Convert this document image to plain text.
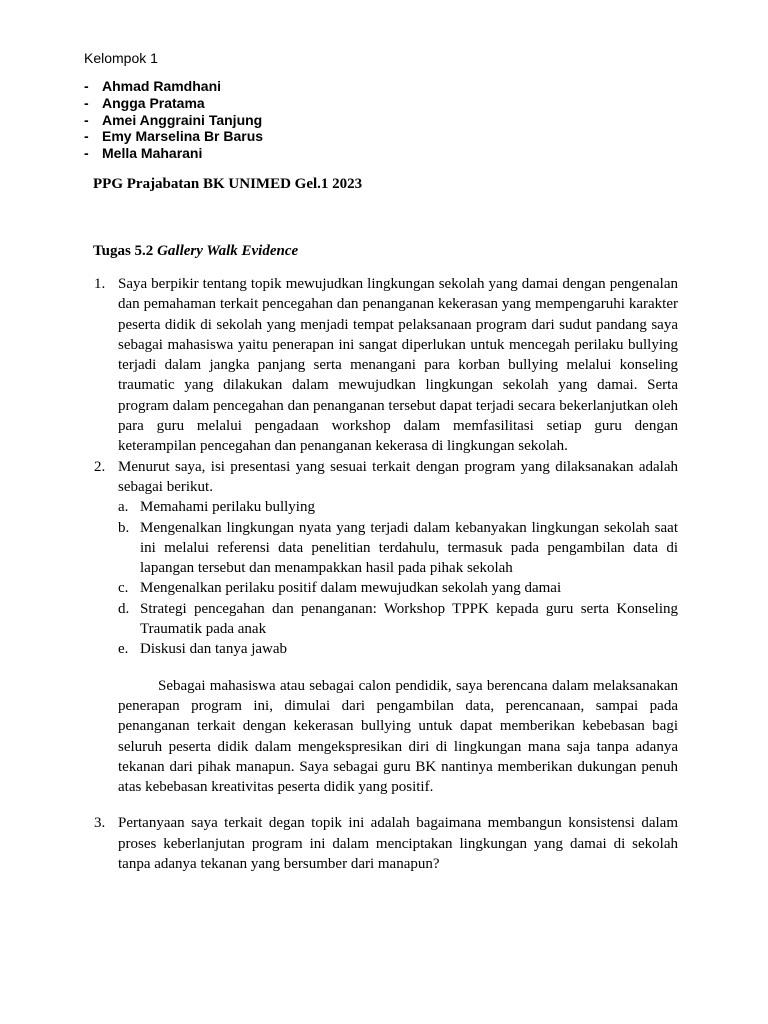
Kelompok 1
- Ahmad Ramdhani
- Angga Pratama
- Amei Anggraini Tanjung
- Emy Marselina Br Barus
- Mella Maharani
PPG Prajabatan BK UNIMED Gel.1 2023
Tugas 5.2 Gallery Walk Evidence
1. Saya berpikir tentang topik mewujudkan lingkungan sekolah yang damai dengan pengenalan dan pemahaman terkait pencegahan dan penanganan kekerasan yang mempengaruhi karakter peserta didik di sekolah yang menjadi tempat pelaksanaan program dari sudut pandang saya sebagai mahasiswa yaitu penerapan ini sangat diperlukan untuk mencegah perilaku bullying terjadi dalam jangka panjang serta menangani para korban bullying melalui konseling traumatic yang dilakukan dalam mewujudkan lingkungan sekolah yang damai. Serta program dalam pencegahan dan penanganan tersebut dapat terjadi secara bekerlanjutkan oleh para guru melalui pengadaan workshop dalam memfasilitasi setiap guru dengan keterampilan pencegahan dan penanganan kekerasa di lingkungan sekolah.
2. Menurut saya, isi presentasi yang sesuai terkait dengan program yang dilaksanakan adalah sebagai berikut.
a. Memahami perilaku bullying
b. Mengenalkan lingkungan nyata yang terjadi dalam kebanyakan lingkungan sekolah saat ini melalui referensi data penelitian terdahulu, termasuk pada pengambilan data di lapangan tersebut dan menampakkan hasil pada pihak sekolah
c. Mengenalkan perilaku positif dalam mewujudkan sekolah yang damai
d. Strategi pencegahan dan penanganan: Workshop TPPK kepada guru serta Konseling Traumatik pada anak
e. Diskusi dan tanya jawab
Sebagai mahasiswa atau sebagai calon pendidik, saya berencana dalam melaksanakan penerapan program ini, dimulai dari pengambilan data, perencanaan, sampai pada penanganan terkait dengan kekerasan bullying untuk dapat memberikan kebebasan bagi seluruh peserta didik dalam mengekspresikan diri di lingkungan mana saja tanpa adanya tekanan dari pihak manapun. Saya sebagai guru BK nantinya memberikan dukungan penuh atas kebebasan kreativitas peserta didik yang positif.
3. Pertanyaan saya terkait degan topik ini adalah bagaimana membangun konsistensi dalam proses keberlanjutan program ini dalam menciptakan lingkungan yang damai di sekolah tanpa adanya tekanan yang bersumber dari manapun?
